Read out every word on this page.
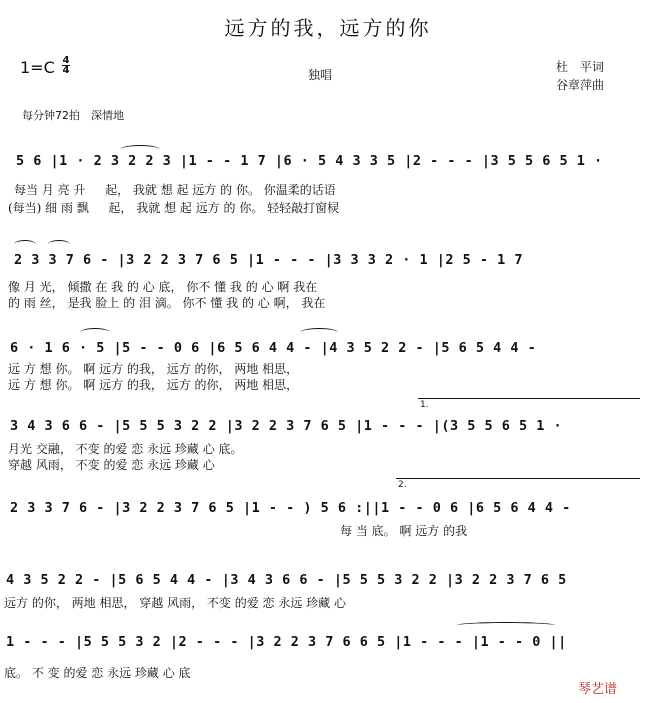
远方的我，远方的你
1=C 4
4	独唱
杜　平词
谷章萍曲
每分钟72拍　深情地
5 6 |1 · 2 3 2 2 3 |1 - - 1 7 |6 · 5 4 3 3 5 |2 - - - |3 5 5 6 5 1 ·
每当 月 亮 升 　 起， 我就 想 起 远方 的 你。 你温柔的话语
(每当) 细 雨 飘 　 起， 我就 想 起 远方 的 你。 轻轻敲打窗棂
2 3 3 7 6 - |3 2 2 3 7 6 5 |1 - - - |3 3 3 2 · 1 |2 5 - 1 7
像 月 光， 倾撒 在 我 的 心 底， 你不 懂 我 的 心 啊 我在
的 雨 丝， 是我 脸上 的 泪 滴。 你不 懂 我 的 心 啊， 我在
6 · 1 6 · 5 |5 - - 0 6 |6 5 6 4 4 - |4 3 5 2 2 - |5 6 5 4 4 -
远 方 想 你。 啊 远方 的我， 远方 的你， 两地 相思，
远 方 想 你。 啊 远方 的我， 远方 的你， 两地 相思，
1.
3 4 3 6 6 - |5 5 5 3 2 2 |3 2 2 3 7 6 5 |1 - - - |(3 5 5 6 5 1 ·
月光 交融， 不变 的爱 恋 永远 珍藏 心 底。
穿越 风雨， 不变 的爱 恋 永远 珍藏 心
2.
2 3 3 7 6 - |3 2 2 3 7 6 5 |1 - - ) 5 6 :||1 - - 0 6 |6 5 6 4 4 -
每 当 底。 啊 远方 的我
4 3 5 2 2 - |5 6 5 4 4 - |3 4 3 6 6 - |5 5 5 3 2 2 |3 2 2 3 7 6 5
远方 的你， 两地 相思， 穿越 风雨， 不变 的爱 恋 永远 珍藏 心
1 - - - |5 5 5 3 2 |2 - - - |3 2 2 3 7 6 6 5 |1 - - - |1 - - 0 ||
底。 不 变 的爱 恋 永远 珍藏 心 底
琴艺谱
